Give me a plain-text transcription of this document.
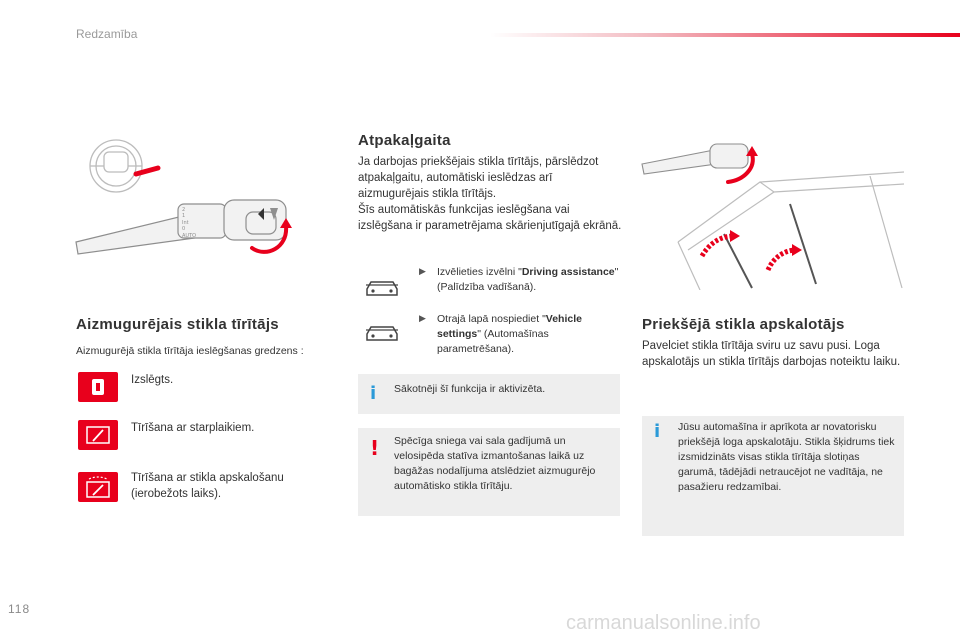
Redzamība
2
1
Int
0
AUTO
Aizmugurējais stikla tīrītājs
Aizmugurējā stikla tīrītāja ieslēgšanas gredzens :
Izslēgts.
Tīrīšana ar starplaikiem.
Tīrīšana ar stikla apskalošanu (ierobežots laiks).
Atpakaļgaita
Ja darbojas priekšējais stikla tīrītājs, pārslēdzot atpakaļgaitu, automātiski ieslēdzas arī aizmugurējais stikla tīrītājs.
Šīs automātiskās funkcijas ieslēgšana vai izslēgšana ir parametrējama skārienjutīgajā ekrānā.
▶ Izvēlieties izvēlni "Driving assistance" (Palīdzība vadīšanā).
▶ Otrajā lapā nospiediet "Vehicle settings" (Automašīnas parametrēšana).
i Sākotnēji šī funkcija ir aktivizēta.
! Spēcīga sniega vai sala gadījumā un velosipēda statīva izmantošanas laikā uz bagāžas nodalījuma atslēdziet aizmugurējo automātisko stikla tīrītāju.
Priekšējā stikla apskalotājs
Pavelciet stikla tīrītāja sviru uz savu pusi. Loga apskalotājs un stikla tīrītājs darbojas noteiktu laiku.
i Jūsu automašīna ir aprīkota ar novatorisku priekšējā loga apskalotāju. Stikla šķidrums tiek izsmidzināts visas stikla tīrītāja slotiņas garumā, tādējādi netraucējot ne vadītāja, ne pasažieru redzamībai.
118
carmanualsonline.info
